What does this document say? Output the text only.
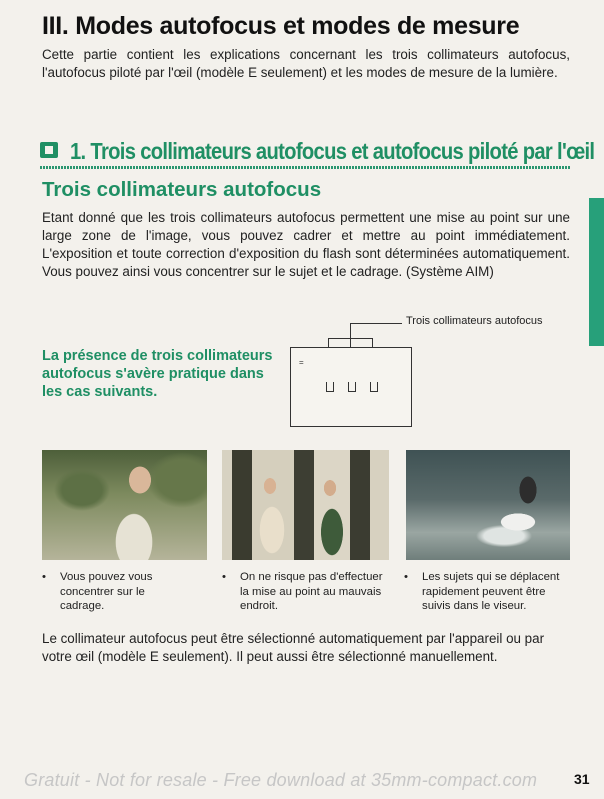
III. Modes autofocus et modes de mesure
Cette partie contient les explications concernant les trois collimateurs autofocus, l'autofocus piloté par l'œil (modèle E seulement) et les modes de mesure de la lumière.
1. Trois collimateurs autofocus et autofocus piloté par l'œil
Trois collimateurs autofocus
Etant donné que les trois collimateurs autofocus permettent une mise au point sur une large zone de l'image, vous pouvez cadrer et mettre au point immédiatement. L'exposition et toute correction d'exposition du flash sont déterminées automatiquement. Vous pouvez ainsi vous concentrer sur le sujet et le cadrage. (Système AIM)
Trois collimateurs autofocus
=
La présence de trois collimateurs autofocus s'avère pratique dans les cas suivants.
•	Vous pouvez vous concentrer sur le cadrage.
•	On ne risque pas d'effectuer la mise au point au mauvais endroit.
•	Les sujets qui se déplacent rapidement peuvent être suivis dans le viseur.
Le collimateur autofocus peut être sélectionné automatiquement par l'appareil ou par votre œil (modèle E seulement). Il peut aussi être sélectionné manuellement.
Gratuit - Not for resale - Free download at 35mm-compact.com	31
